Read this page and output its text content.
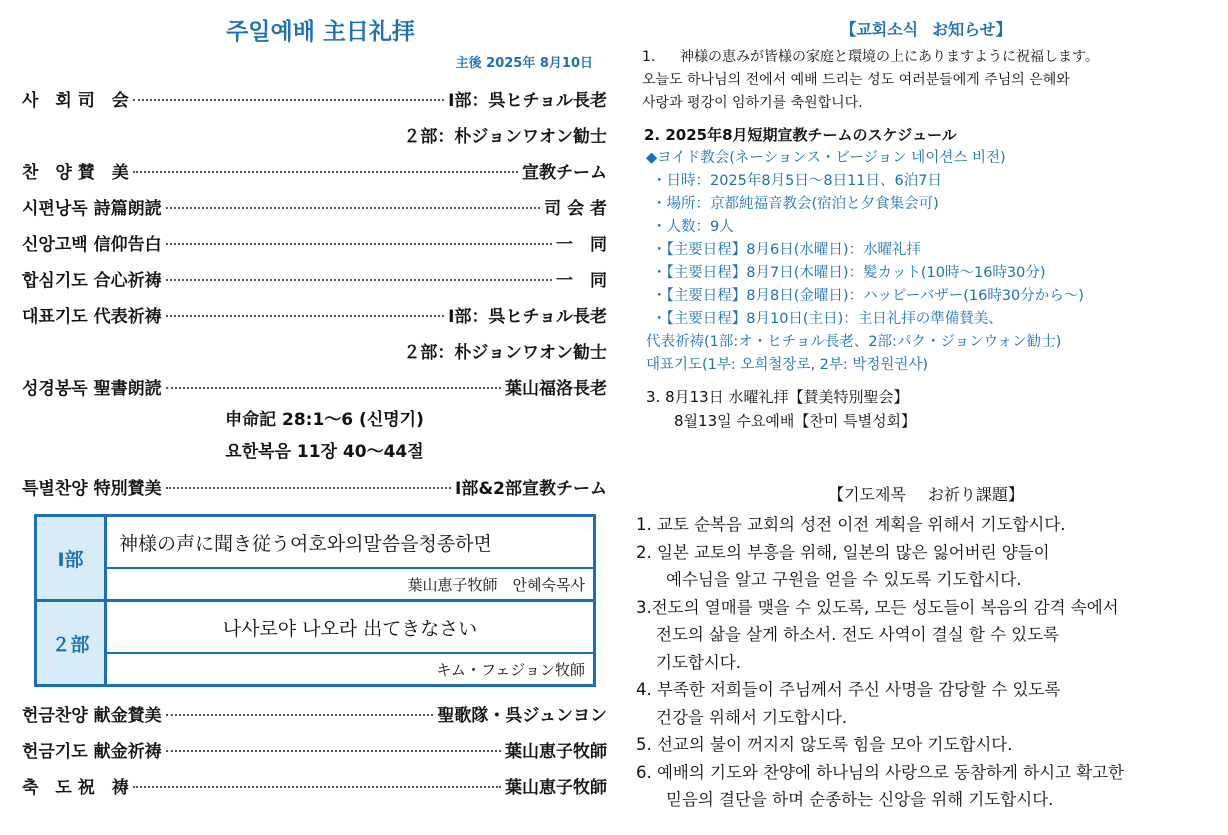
주일예배 主日礼拝
主後 2025年 8月10日
사　회 司　会	Ⅰ部：呉ヒチョル長老
２部：朴ジョンワオン勧士
찬　양 賛　美	宣教チーム
시편낭독 詩篇朗読	司 会 者
신앙고백 信仰告白	一　同
합심기도 合心祈祷	一　同
대표기도 代表祈祷	Ⅰ部：呉ヒチョル長老
２部：朴ジョンワオン勧士
성경봉독 聖書朗読	葉山福洛長老
申命記 28:1～6 (신명기)
요한복음 11장 40～44절
특별찬양 特別賛美	Ⅰ部&2部宣教チーム
Ⅰ部
神様の声に聞き従う여호와의말씀을청종하면
葉山恵子牧師　안혜숙목사
２部
나사로야 나오라 出てきなさい
キム・フェジョン牧師
헌금찬양 献金賛美	聖歌隊・呉ジュンヨン
헌금기도 献金祈祷	葉山恵子牧師
축　도 祝　祷	葉山恵子牧師
【교회소식 お知らせ】
1. 神様の恵みが皆様の家庭と環境の上にありますように祝福します。
오늘도 하나님의 전에서 예배 드리는 성도 여러분들에게 주님의 은혜와
사랑과 평강이 임하기를 축원합니다.
2. 2025年8月短期宣教チームのスケジュール
◆ヨイド教会(ネーションス・ビージョン 네이션스 비전)
・日時：2025年8月5日～8日11日、6泊7日
・場所：京都純福音教会(宿泊と夕食集会可)
・人数：9人
・【主要日程】8月6日(水曜日)：水曜礼拝
・【主要日程】8月7日(木曜日)：髪カット(10時～16時30分)
・【主要日程】8月8日(金曜日)：ハッピーバザー(16時30分から～)
・【主要日程】8月10日(主日)：主日礼拝の準備賛美、
代表祈祷(1部:オ・ヒチョル長老、2部:パク・ジョンウォン勧士)
대표기도(1부: 오희철장로, 2부: 박정원권사)
3. 8月13日 水曜礼拝【賛美特別聖会】
8월13일 수요예배【찬미 특별성회】
【기도제목 お祈り課題】
1. 교토 순복음 교회의 성전 이전 계획을 위해서 기도합시다.
2. 일본 교토의 부흥을 위해, 일본의 많은 잃어버린 양들이
예수님을 알고 구원을 얻을 수 있도록 기도합시다.
3.전도의 열매를 맺을 수 있도록, 모든 성도들이 복음의 감격 속에서
전도의 삶을 살게 하소서. 전도 사역이 결실 할 수 있도록
기도합시다.
4. 부족한 저희들이 주님께서 주신 사명을 감당할 수 있도록
건강을 위해서 기도합시다.
5. 선교의 불이 꺼지지 않도록 힘을 모아 기도합시다.
6. 예배의 기도와 찬양에 하나님의 사랑으로 동참하게 하시고 확고한
믿음의 결단을 하며 순종하는 신앙을 위해 기도합시다.
